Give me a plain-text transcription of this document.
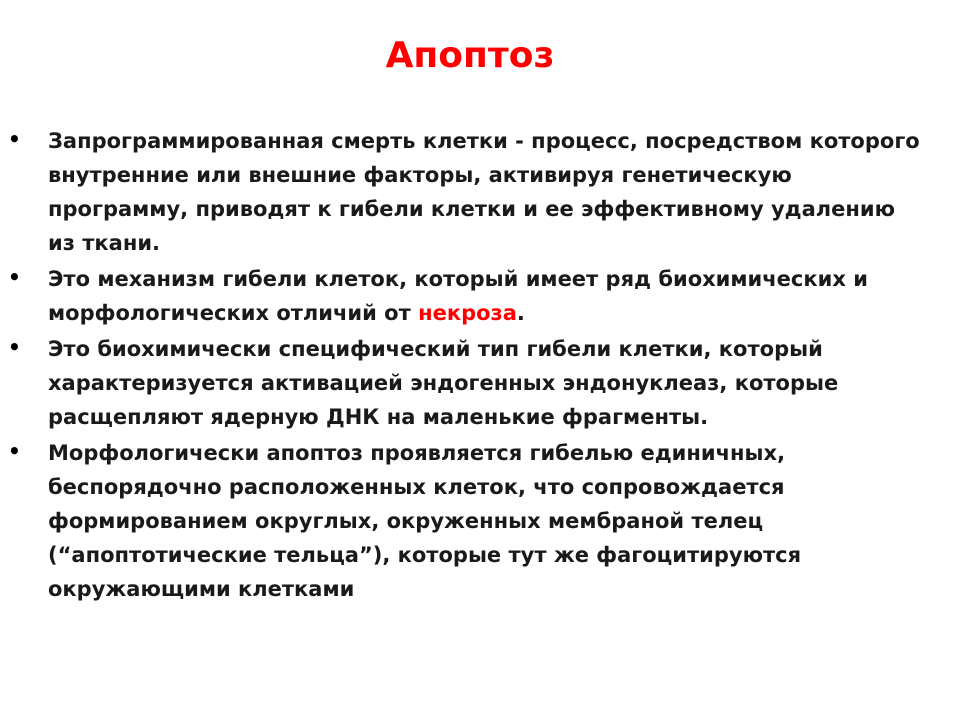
Апоптоз
• Запрограммированная смерть клетки - процесс, посредством которого внутренние или внешние факторы, активируя генетическую программу, приводят к гибели клетки и ее эффективному удалению из ткани.
• Это механизм гибели клеток, который имеет ряд биохимических и морфологических отличий от некроза.
• Это биохимически специфический тип гибели клетки, который характеризуется активацией эндогенных эндонуклеаз, которые расщепляют ядерную ДНК на маленькие фрагменты.
• Морфологически апоптоз проявляется гибелью единичных, беспорядочно расположенных клеток, что сопровождается формированием округлых, окруженных мембраной телец (“апоптотические тельца”), которые тут же фагоцитируются окружающими клетками
